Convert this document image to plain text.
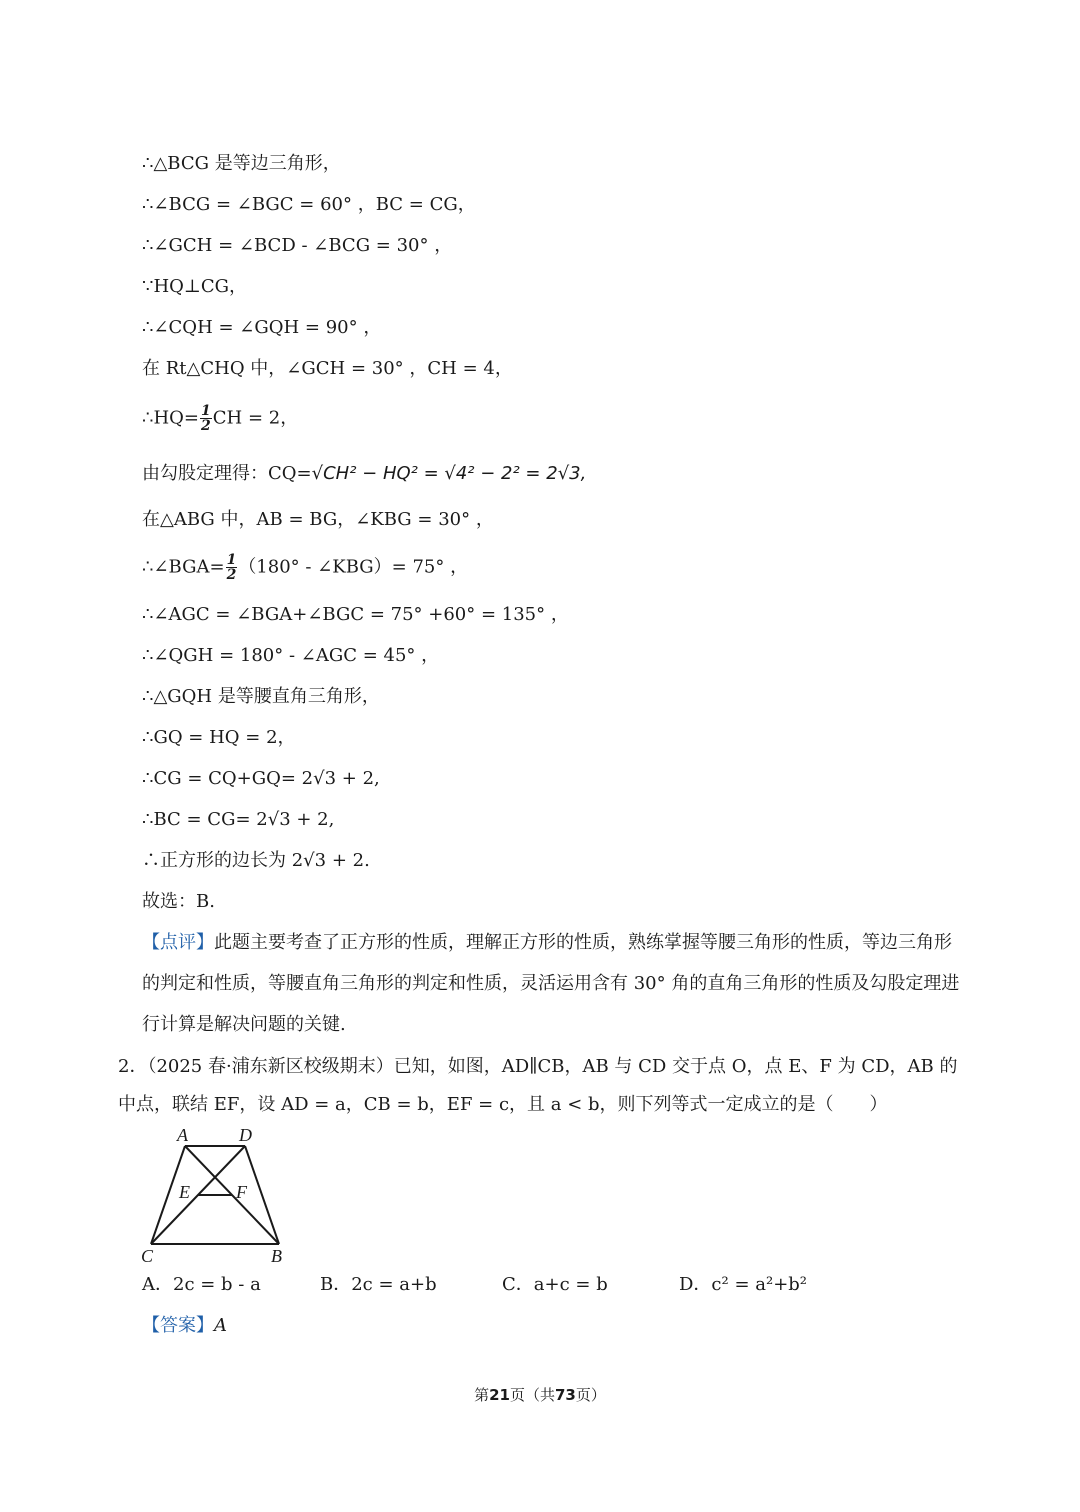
∴△BCG 是等边三角形，
∴∠BCG = ∠BGC = 60° ，BC = CG，
∴∠GCH = ∠BCD - ∠BCG = 30° ，
∵HQ⊥CG，
∴∠CQH = ∠GQH = 90° ，
在 Rt△CHQ 中，∠GCH = 30° ，CH = 4，
∴HQ= $\frac{1}{2}$ CH = 2，
由勾股定理得：CQ=√CH² − HQ² = √4² − 2² = 2√3,
在△ABG 中，AB = BG，∠KBG = 30° ，
∴∠BGA= $\frac{1}{2} (180^\circ$ - ∠KBG）= 75° ，
∴∠AGC = ∠BGA+∠BGC = 75° +60° = 135° ，
∴∠QGH = 180° - ∠AGC = 45° ，
∴△GQH 是等腰直角三角形，
∴GQ = HQ = 2，
∴CG = CQ+GQ= 2√3 + 2,
∴BC = CG= 2√3 + 2,
∴正方形的边长为 2√3 + 2.
故选：B.
【点评】此题主要考查了正方形的性质，理解正方形的性质，熟练掌握等腰三角形的性质，等边三角形的判定和性质，等腰直角三角形的判定和性质，灵活运用含有 30° 角的直角三角形的性质及勾股定理进行计算是解决问题的关键.
2．（2025 春·浦东新区校级期末）已知，如图，AD∥CB，AB 与 CD 交于点 O，点 E、F 为 CD，AB 的中点，联结 EF，设 AD = a，CB = b，EF = c，且 a < b，则下列等式一定成立的是（　　）
A	D
E	F
C	B
A．2c = b - a	B．2c = a+b	C．a+c = b	D．c² = a²+b²
【答案】A
第21页（共73页）
